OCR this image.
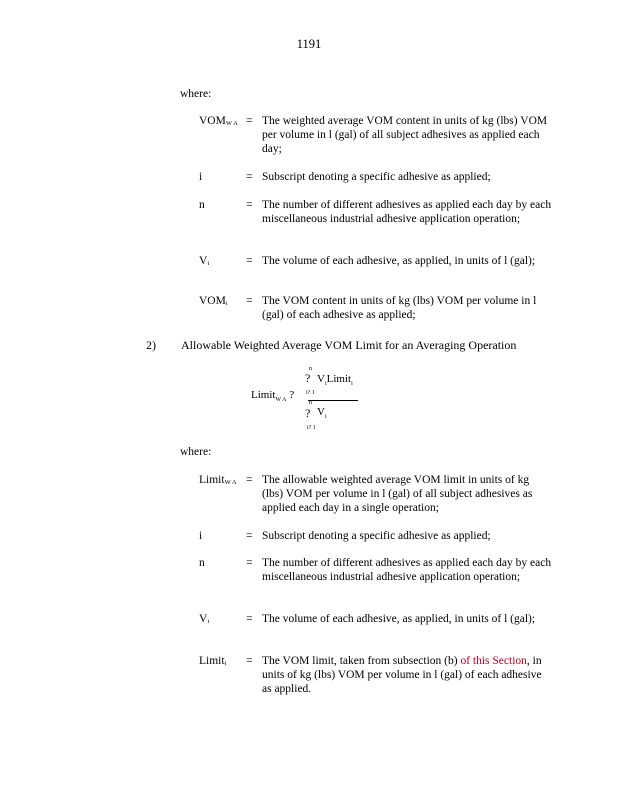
1191
where:
$VOM_{W A}$ = The weighted average VOM content in units of kg (lbs) VOM per volume in l (gal) of all subject adhesives as applied each day;
i	= Subscript denoting a specific adhesive as applied;
n	= The number of different adhesives as applied each day by each miscellaneous industrial adhesive application operation;
$V_i$	= The volume of each adhesive, as applied, in units of l (gal);
$VOM_i$	= The VOM content in units of kg (lbs) VOM per volume in l (gal) of each adhesive as applied;
2) Allowable Weighted Average VOM Limit for an Averaging Operation
Limit$_{W A}$ ?
n
?
i? 1
$V_iLimit_i$
n
?
i? 1
$V_i$
where:
Limit$_{W A}$ = The allowable weighted average VOM limit in units of kg (lbs) VOM per volume in l (gal) of all subject adhesives as applied each day in a single operation;
i	= Subscript denoting a specific adhesive as applied;
n	= The number of different adhesives as applied each day by each miscellaneous industrial adhesive application operation;
$V_i$	= The volume of each adhesive, as applied, in units of l (gal);
Limit$_i$	= The VOM limit, taken from subsection (b) of this Section, in units of kg (lbs) VOM per volume in l (gal) of each adhesive as applied.
